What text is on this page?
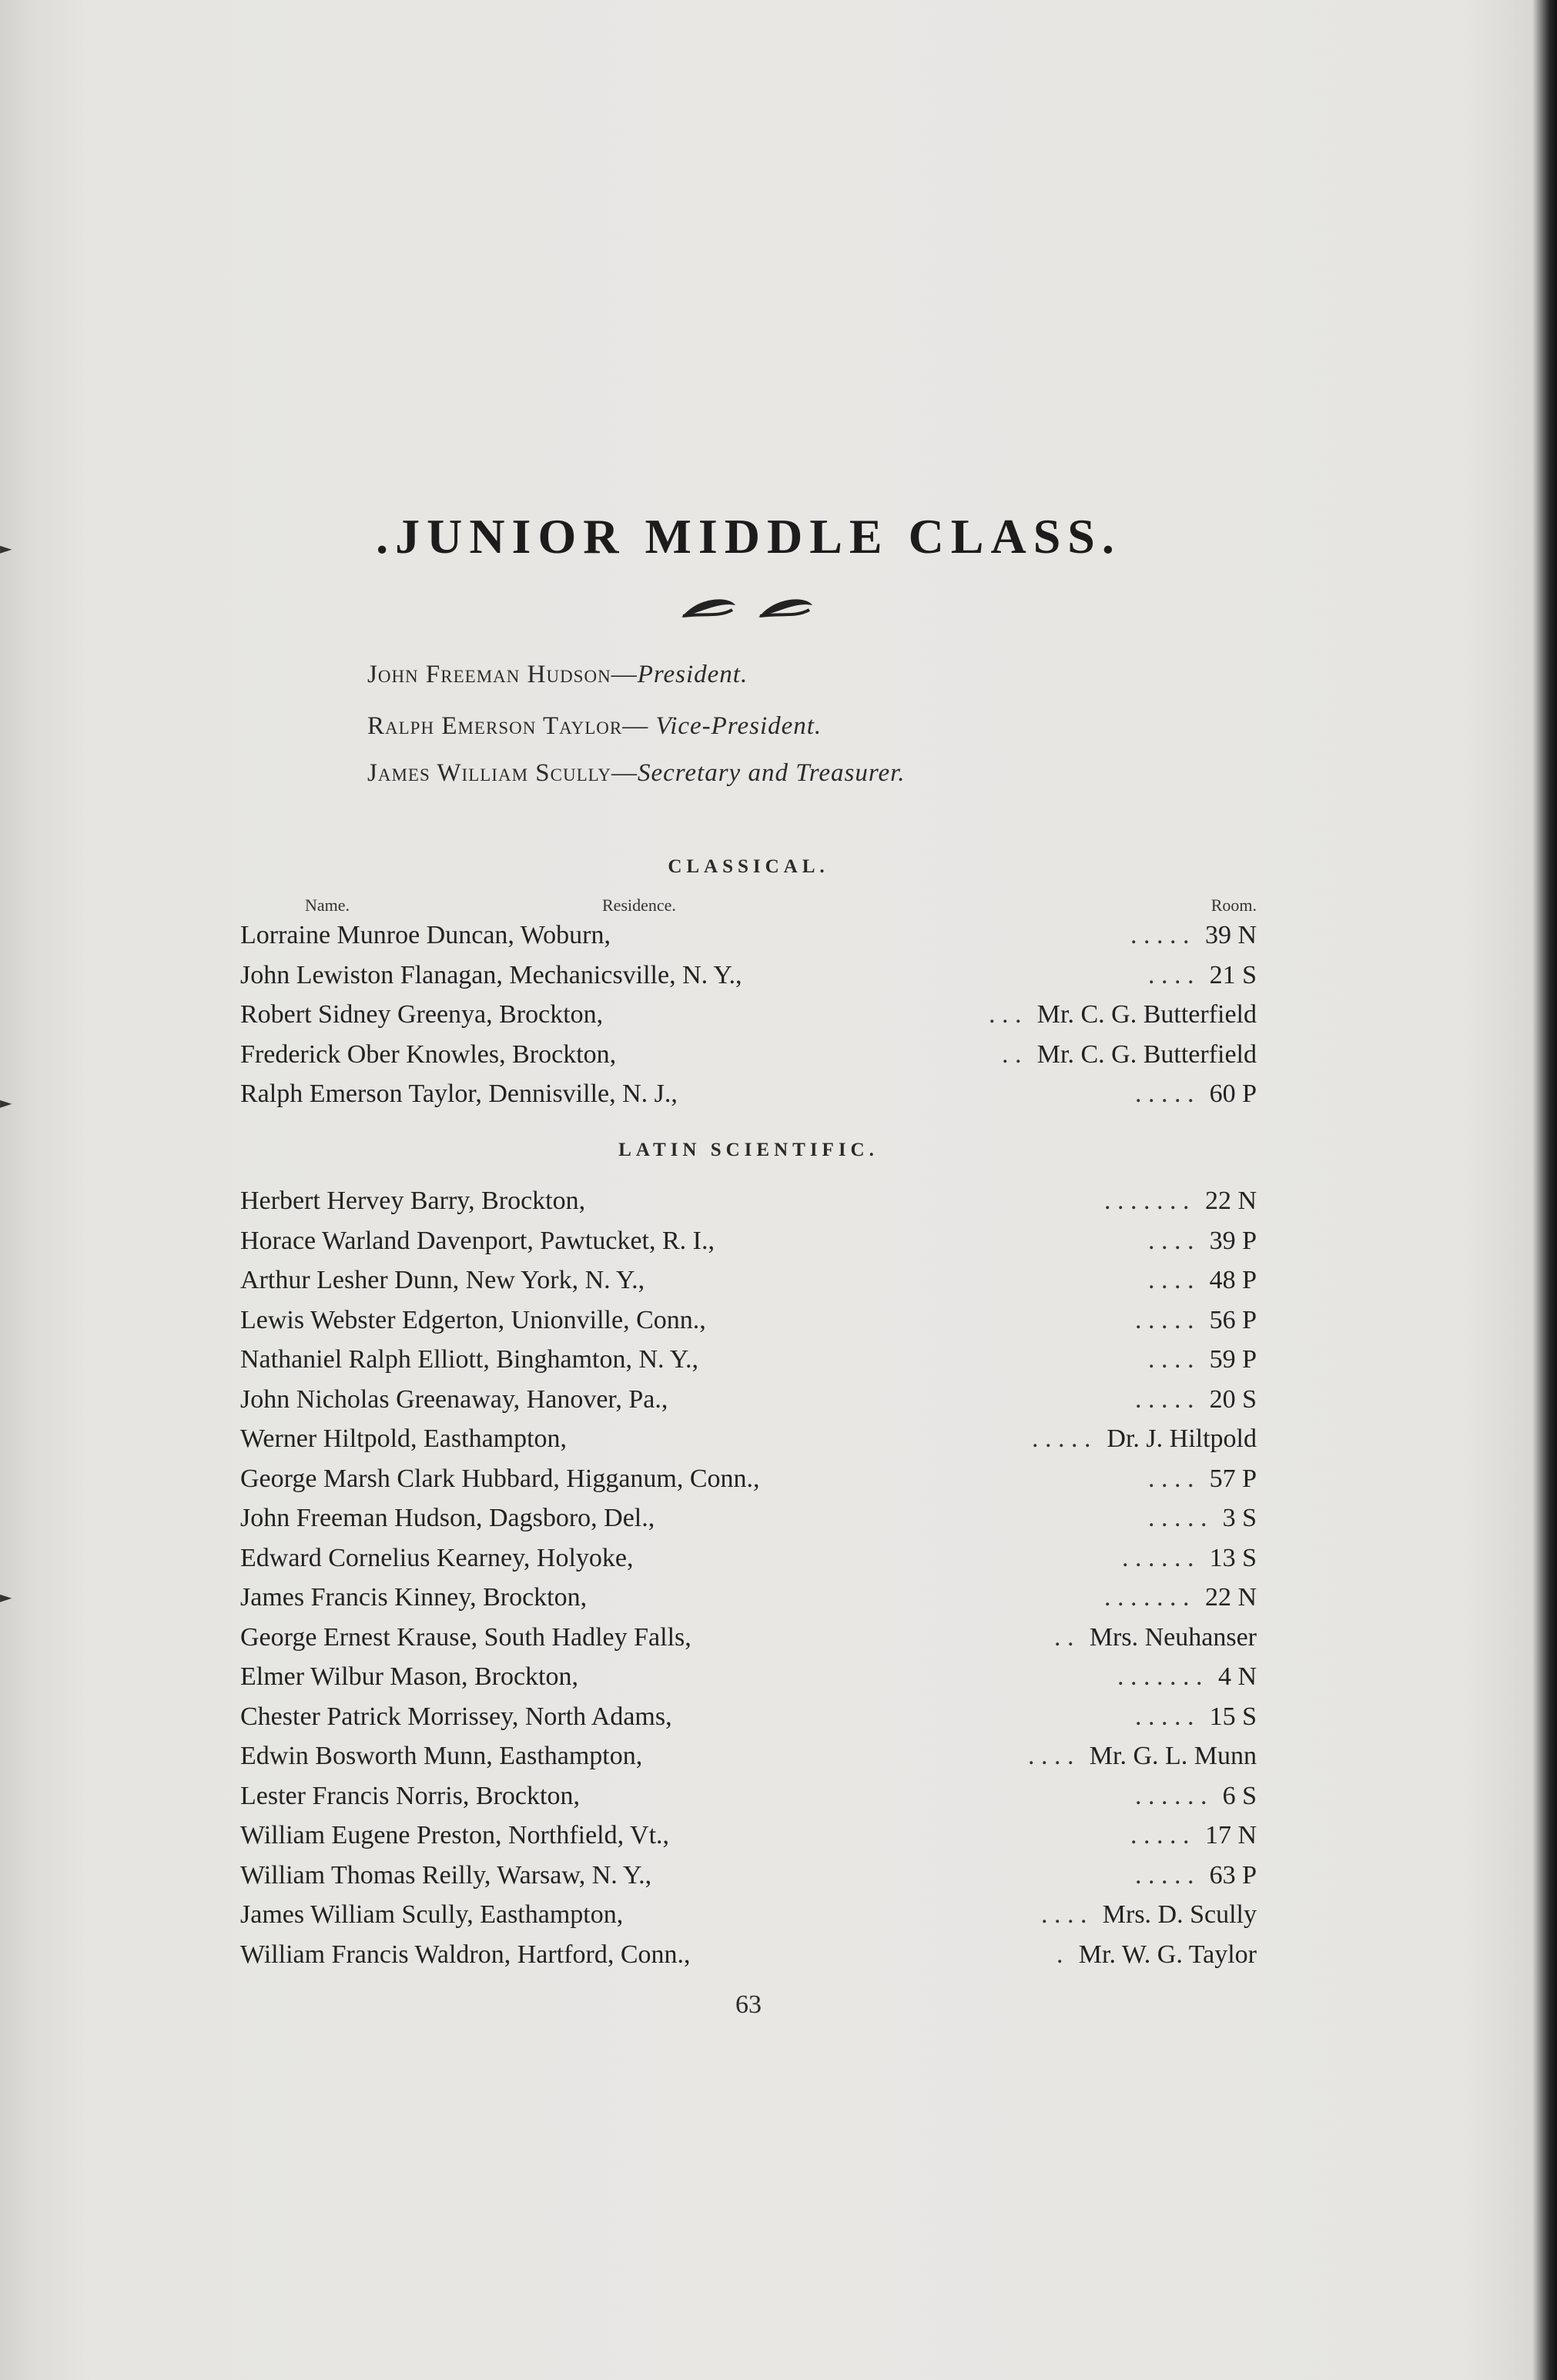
►
►
►
.JUNIOR MIDDLE CLASS.
John Freeman Hudson—President.
Ralph Emerson Taylor— Vice-President.
James William Scully—Secretary and Treasurer.
CLASSICAL.
Name.	Residence.	Room.
Lorraine Munroe Duncan, Woburn,	. . . . . 39 N
John Lewiston Flanagan, Mechanicsville, N. Y.,	. . . . 21 S
Robert Sidney Greenya, Brockton,	. . . Mr. C. G. Butterfield
Frederick Ober Knowles, Brockton,	. . Mr. C. G. Butterfield
Ralph Emerson Taylor, Dennisville, N. J.,	. . . . . 60 P
LATIN SCIENTIFIC.
Herbert Hervey Barry, Brockton,	. . . . . . . 22 N
Horace Warland Davenport, Pawtucket, R. I.,	. . . . 39 P
Arthur Lesher Dunn, New York, N. Y.,	. . . . 48 P
Lewis Webster Edgerton, Unionville, Conn.,	. . . . . 56 P
Nathaniel Ralph Elliott, Binghamton, N. Y.,	. . . . 59 P
John Nicholas Greenaway, Hanover, Pa.,	. . . . . 20 S
Werner Hiltpold, Easthampton,	. . . . . Dr. J. Hiltpold
George Marsh Clark Hubbard, Higganum, Conn.,	. . . . 57 P
John Freeman Hudson, Dagsboro, Del.,	. . . . . 3 S
Edward Cornelius Kearney, Holyoke,	. . . . . . 13 S
James Francis Kinney, Brockton,	. . . . . . . 22 N
George Ernest Krause, South Hadley Falls,	. . Mrs. Neuhanser
Elmer Wilbur Mason, Brockton,	. . . . . . . 4 N
Chester Patrick Morrissey, North Adams,	. . . . . 15 S
Edwin Bosworth Munn, Easthampton,	. . . . Mr. G. L. Munn
Lester Francis Norris, Brockton,	. . . . . . 6 S
William Eugene Preston, Northfield, Vt.,	. . . . . 17 N
William Thomas Reilly, Warsaw, N. Y.,	. . . . . 63 P
James William Scully, Easthampton,	. . . . Mrs. D. Scully
William Francis Waldron, Hartford, Conn.,	. Mr. W. G. Taylor
63
